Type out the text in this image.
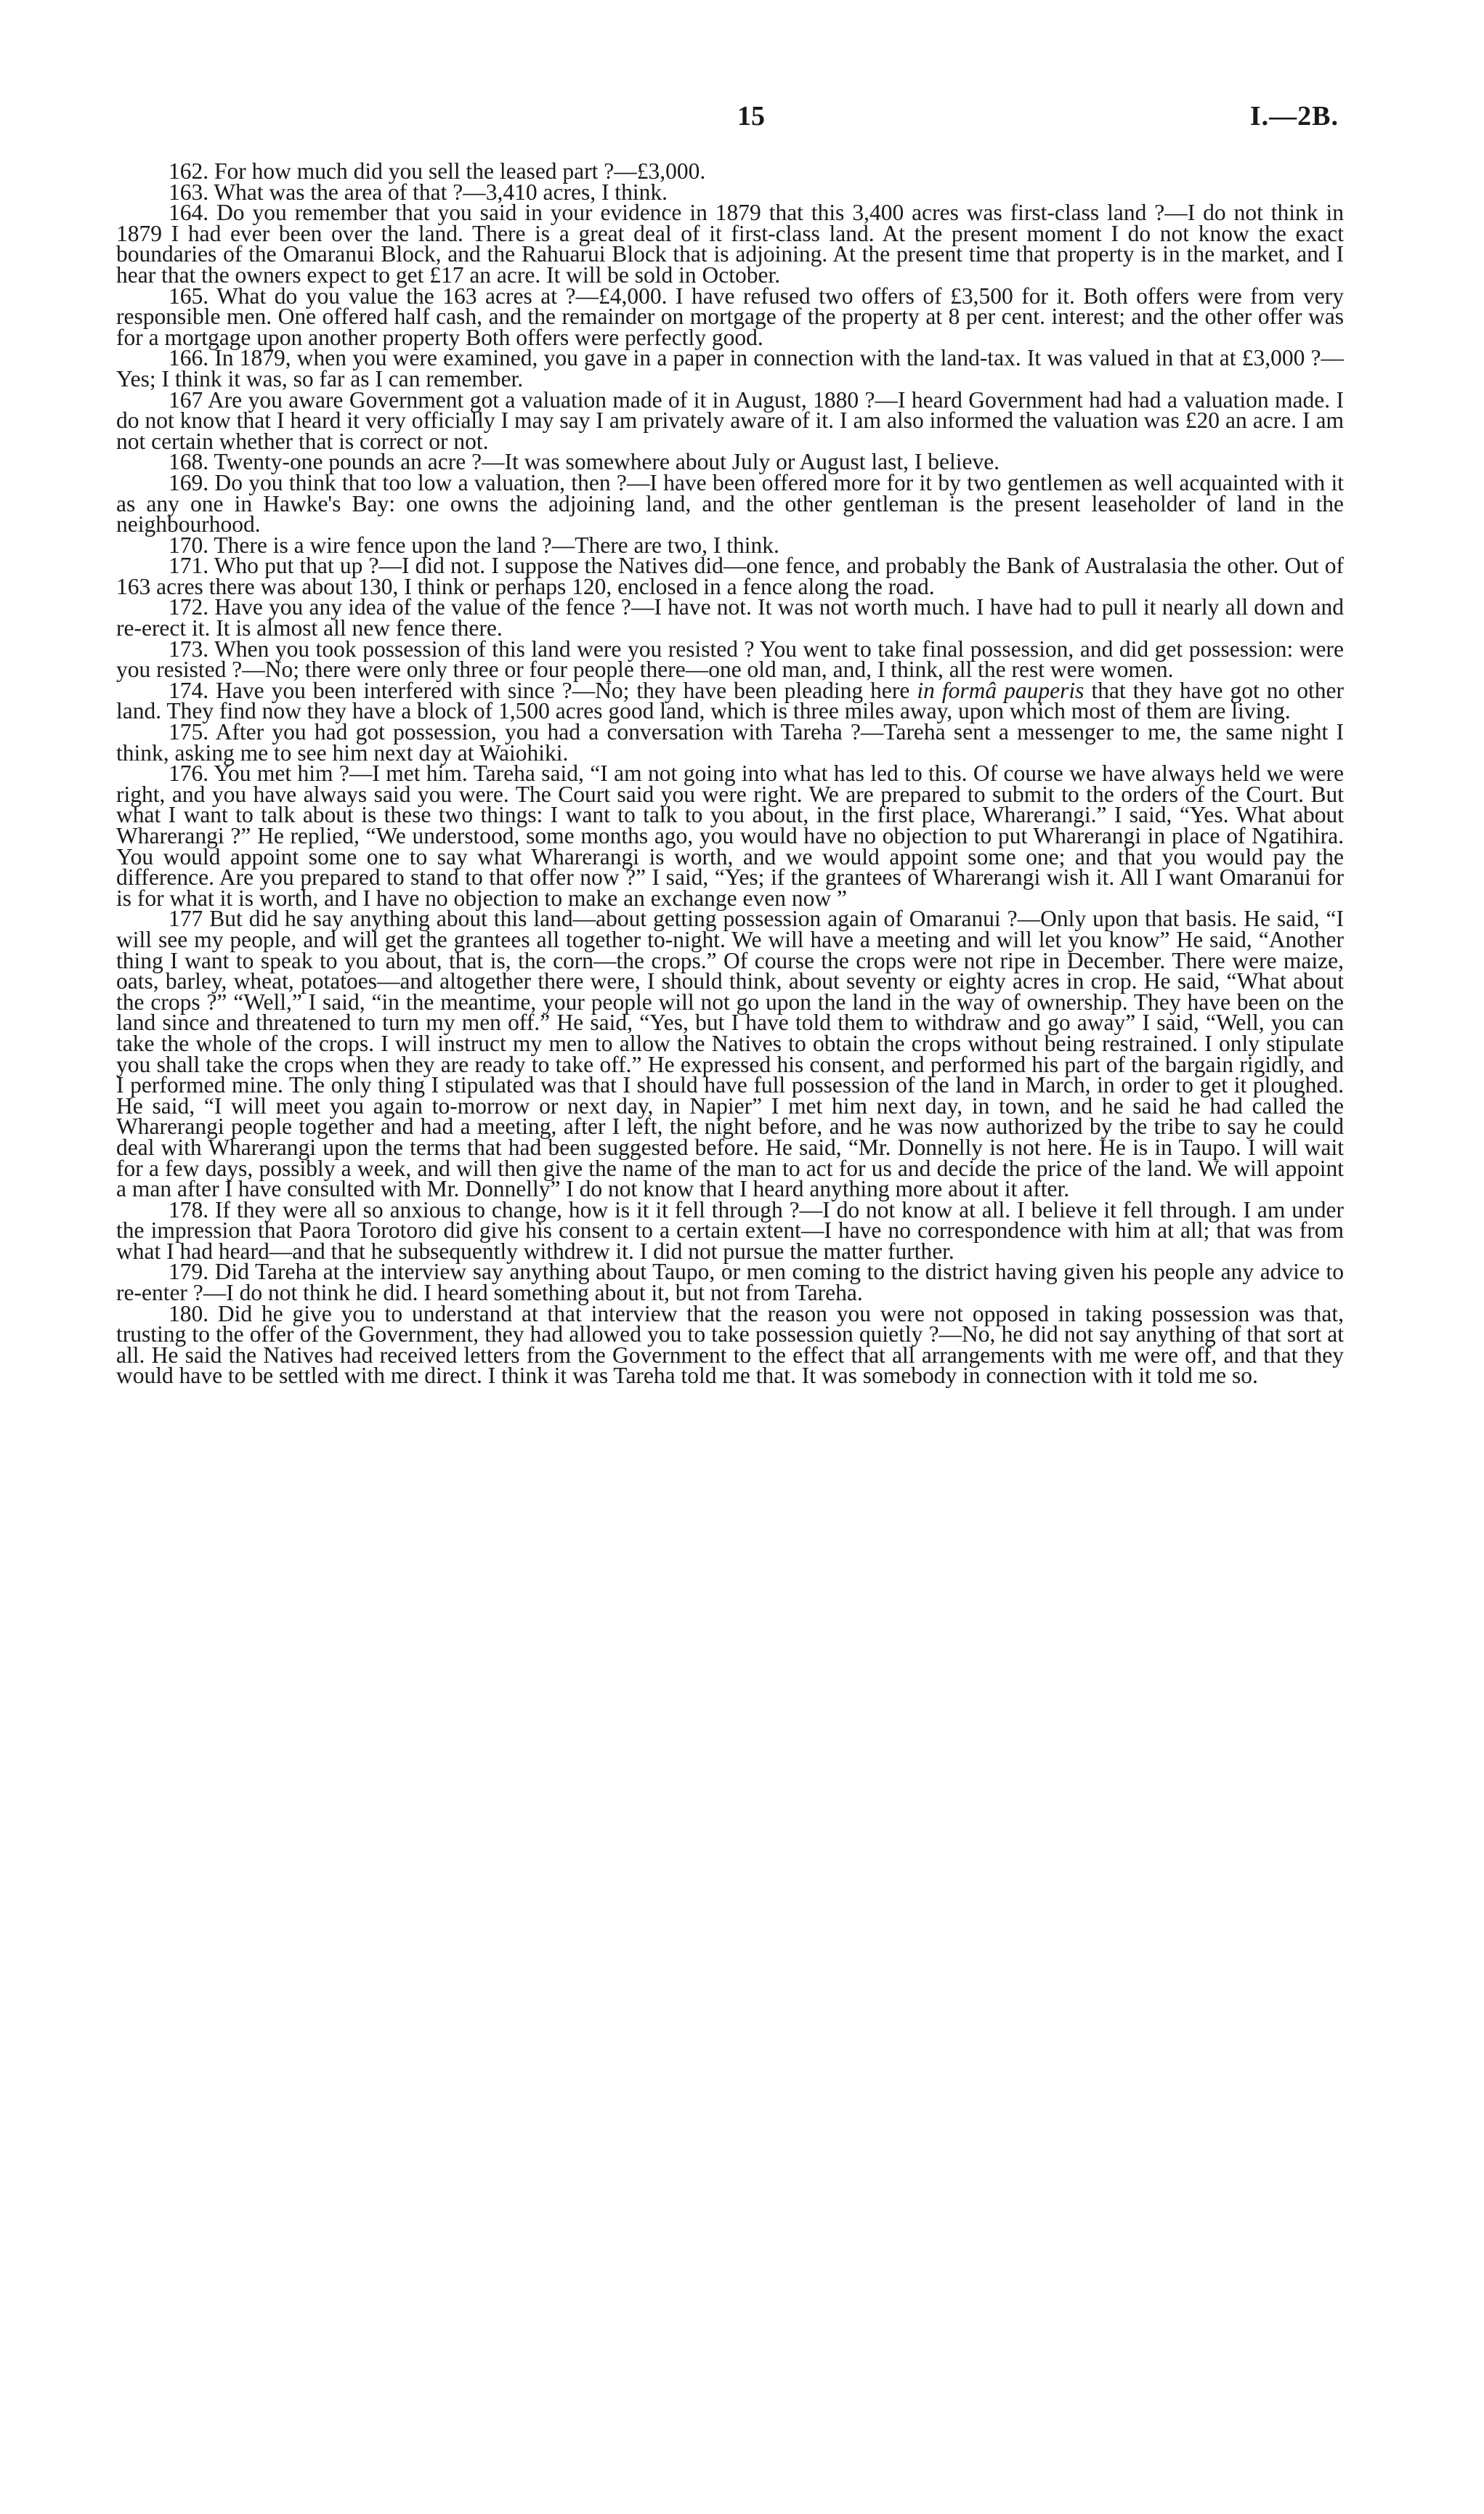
15	I.—2B.

162. For how much did you sell the leased part ?—£3,000.

163. What was the area of that ?—3,410 acres, I think.

164. Do you remember that you said in your evidence in 1879 that this 3,400 acres was first-class land ?—I do not think in 1879 I had ever been over the land. There is a great deal of it first-class land. At the present moment I do not know the exact boundaries of the Omaranui Block, and the Rahuarui Block that is adjoining. At the present time that property is in the market, and I hear that the owners expect to get £17 an acre. It will be sold in October.

165. What do you value the 163 acres at ?—£4,000. I have refused two offers of £3,500 for it. Both offers were from very responsible men. One offered half cash, and the remainder on mortgage of the property at 8 per cent. interest; and the other offer was for a mortgage upon another property Both offers were perfectly good.

166. In 1879, when you were examined, you gave in a paper in connection with the land-tax. It was valued in that at £3,000 ?—Yes; I think it was, so far as I can remember.

167 Are you aware Government got a valuation made of it in August, 1880 ?—I heard Government had had a valuation made. I do not know that I heard it very officially I may say I am privately aware of it. I am also informed the valuation was £20 an acre. I am not certain whether that is correct or not.

168. Twenty-one pounds an acre ?—It was somewhere about July or August last, I believe.

169. Do you think that too low a valuation, then ?—I have been offered more for it by two gentlemen as well acquainted with it as any one in Hawke's Bay: one owns the adjoining land, and the other gentleman is the present leaseholder of land in the neighbourhood.

170. There is a wire fence upon the land ?—There are two, I think.

171. Who put that up ?—I did not. I suppose the Natives did—one fence, and probably the Bank of Australasia the other. Out of 163 acres there was about 130, I think or perhaps 120, enclosed in a fence along the road.

172. Have you any idea of the value of the fence ?—I have not. It was not worth much. I have had to pull it nearly all down and re-erect it. It is almost all new fence there.

173. When you took possession of this land were you resisted ? You went to take final possession, and did get possession: were you resisted ?—No; there were only three or four people there—one old man, and, I think, all the rest were women.

174. Have you been interfered with since ?—No; they have been pleading here in formâ pauperis that they have got no other land. They find now they have a block of 1,500 acres good land, which is three miles away, upon which most of them are living.

175. After you had got possession, you had a conversation with Tareha ?—Tareha sent a messenger to me, the same night I think, asking me to see him next day at Waiohiki.

176. You met him ?—I met him. Tareha said, “I am not going into what has led to this. Of course we have always held we were right, and you have always said you were. The Court said you were right. We are prepared to submit to the orders of the Court. But what I want to talk about is these two things: I want to talk to you about, in the first place, Wharerangi.” I said, “Yes. What about Wharerangi ?” He replied, “We understood, some months ago, you would have no objection to put Wharerangi in place of Ngatihira. You would appoint some one to say what Wharerangi is worth, and we would appoint some one; and that you would pay the difference. Are you prepared to stand to that offer now ?” I said, “Yes; if the grantees of Wharerangi wish it. All I want Omaranui for is for what it is worth, and I have no objection to make an exchange even now ”

177 But did he say anything about this land—about getting possession again of Omaranui ?—Only upon that basis. He said, “I will see my people, and will get the grantees all together to-night. We will have a meeting and will let you know” He said, “Another thing I want to speak to you about, that is, the corn—the crops.” Of course the crops were not ripe in December. There were maize, oats, barley, wheat, potatoes—and altogether there were, I should think, about seventy or eighty acres in crop. He said, “What about the crops ?” “Well,” I said, “in the meantime, your people will not go upon the land in the way of ownership. They have been on the land since and threatened to turn my men off.” He said, “Yes, but I have told them to withdraw and go away” I said, “Well, you can take the whole of the crops. I will instruct my men to allow the Natives to obtain the crops without being restrained. I only stipulate you shall take the crops when they are ready to take off.” He expressed his consent, and performed his part of the bargain rigidly, and I performed mine. The only thing I stipulated was that I should have full possession of the land in March, in order to get it ploughed. He said, “I will meet you again to-morrow or next day, in Napier” I met him next day, in town, and he said he had called the Wharerangi people together and had a meeting, after I left, the night before, and he was now authorized by the tribe to say he could deal with Wharerangi upon the terms that had been suggested before. He said, “Mr. Donnelly is not here. He is in Taupo. I will wait for a few days, possibly a week, and will then give the name of the man to act for us and decide the price of the land. We will appoint a man after I have consulted with Mr. Donnelly” I do not know that I heard anything more about it after.

178. If they were all so anxious to change, how is it it fell through ?—I do not know at all. I believe it fell through. I am under the impression that Paora Torotoro did give his consent to a certain extent—I have no correspondence with him at all; that was from what I had heard—and that he subsequently withdrew it. I did not pursue the matter further.

179. Did Tareha at the interview say anything about Taupo, or men coming to the district having given his people any advice to re-enter ?—I do not think he did. I heard something about it, but not from Tareha.

180. Did he give you to understand at that interview that the reason you were not opposed in taking possession was that, trusting to the offer of the Government, they had allowed you to take possession quietly ?—No, he did not say anything of that sort at all. He said the Natives had received letters from the Government to the effect that all arrangements with me were off, and that they would have to be settled with me direct. I think it was Tareha told me that. It was somebody in connection with it told me so.
